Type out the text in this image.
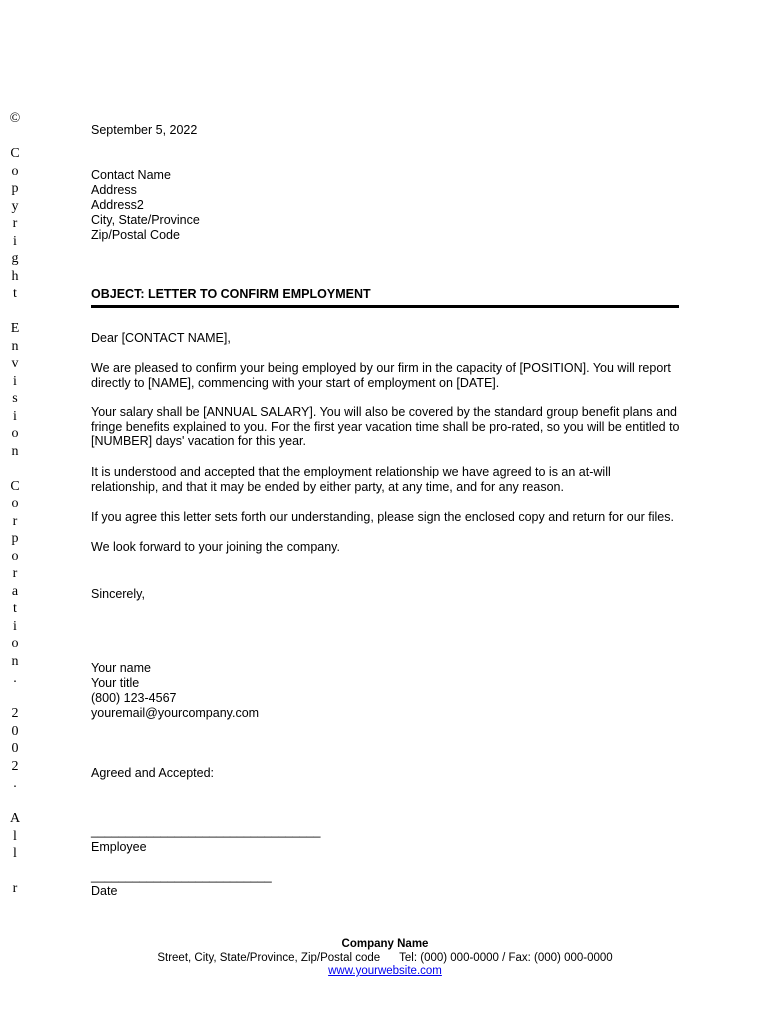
©

C
o
p
y
r
i
g
h
t

E
n
v
i
s
i
o
n

C
o
r
p
o
r
a
t
i
o
n
.

2
0
0
2
.

A
l
l

r
September 5, 2022
Contact Name
Address
Address2
City, State/Province
Zip/Postal Code
OBJECT: LETTER TO CONFIRM EMPLOYMENT
Dear [CONTACT NAME],
We are pleased to confirm your being employed by our firm in the capacity of [POSITION]. You will report directly to [NAME], commencing with your start of employment on [DATE].
Your salary shall be [ANNUAL SALARY]. You will also be covered by the standard group benefit plans and fringe benefits explained to you. For the first year vacation time shall be pro-rated, so you will be entitled to [NUMBER] days' vacation for this year.
It is understood and accepted that the employment relationship we have agreed to is an at-will relationship, and that it may be ended by either party, at any time, and for any reason.
If you agree this letter sets forth our understanding, please sign the enclosed copy and return for our files.
We look forward to your joining the company.
Sincerely,
Your name
Your title
(800) 123-4567
youremail@yourcompany.com
Agreed and Accepted:
_________________________________
Employee
__________________________
Date
Company Name
Street, City, State/Province, Zip/Postal code      Tel: (000) 000-0000 / Fax: (000) 000-0000
www.yourwebsite.com
